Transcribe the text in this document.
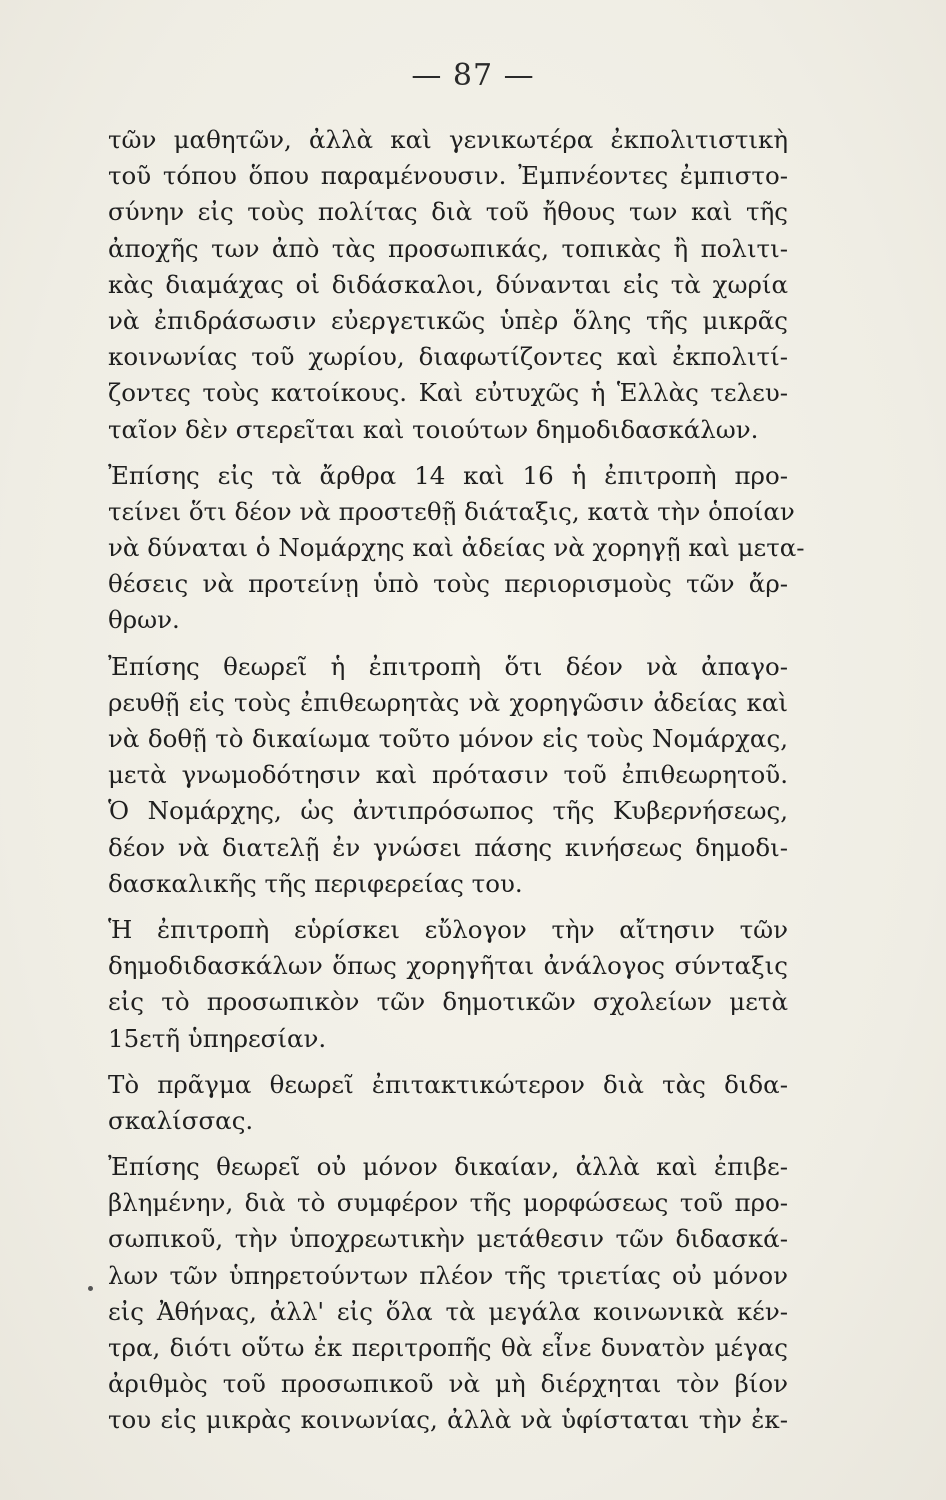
— 87 —
τῶν μαθητῶν, ἀλλὰ καὶ γενικωτέρα ἐκπολιτιστικὴ
τοῦ τόπου ὅπου παραμένουσιν. Ἐμπνέοντες ἐμπιστο-
σύνην εἰς τοὺς πολίτας διὰ τοῦ ἤθους των καὶ τῆς
ἀποχῆς των ἀπὸ τὰς προσωπικάς, τοπικὰς ἢ πολιτι-
κὰς διαμάχας οἱ διδάσκαλοι, δύνανται εἰς τὰ χωρία
νὰ ἐπιδράσωσιν εὐεργετικῶς ὑπὲρ ὅλης τῆς μικρᾶς
κοινωνίας τοῦ χωρίου, διαφωτίζοντες καὶ ἐκπολιτί-
ζοντες τοὺς κατοίκους. Καὶ εὐτυχῶς ἡ Ἑλλὰς τελευ-
ταῖον δὲν στερεῖται καὶ τοιούτων δημοδιδασκάλων.
Ἐπίσης εἰς τὰ ἄρθρα 14 καὶ 16 ἡ ἐπιτροπὴ προ-
τείνει ὅτι δέον νὰ προστεθῇ διάταξις, κατὰ τὴν ὁποίαν
νὰ δύναται ὁ Νομάρχης καὶ ἀδείας νὰ χορηγῇ καὶ μετα-
θέσεις νὰ προτείνῃ ὑπὸ τοὺς περιορισμοὺς τῶν ἄρ-
θρων.
Ἐπίσης θεωρεῖ ἡ ἐπιτροπὴ ὅτι δέον νὰ ἀπαγο-
ρευθῇ εἰς τοὺς ἐπιθεωρητὰς νὰ χορηγῶσιν ἀδείας καὶ
νὰ δοθῇ τὸ δικαίωμα τοῦτο μόνον εἰς τοὺς Νομάρχας,
μετὰ γνωμοδότησιν καὶ πρότασιν τοῦ ἐπιθεωρητοῦ.
Ὁ Νομάρχης, ὡς ἀντιπρόσωπος τῆς Κυβερνήσεως,
δέον νὰ διατελῇ ἐν γνώσει πάσης κινήσεως δημοδι-
δασκαλικῆς τῆς περιφερείας του.
Ἡ ἐπιτροπὴ εὑρίσκει εὔλογον τὴν αἴτησιν τῶν
δημοδιδασκάλων ὅπως χορηγῆται ἀνάλογος σύνταξις
εἰς τὸ προσωπικὸν τῶν δημοτικῶν σχολείων μετὰ
15ετῆ ὑπηρεσίαν.
Τὸ πρᾶγμα θεωρεῖ ἐπιτακτικώτερον διὰ τὰς διδα-
σκαλίσσας.
Ἐπίσης θεωρεῖ οὐ μόνον δικαίαν, ἀλλὰ καὶ ἐπιβε-
βλημένην, διὰ τὸ συμφέρον τῆς μορφώσεως τοῦ προ-
σωπικοῦ, τὴν ὑποχρεωτικὴν μετάθεσιν τῶν διδασκά-
λων τῶν ὑπηρετούντων πλέον τῆς τριετίας οὐ μόνον
εἰς Ἀθήνας, ἀλλ' εἰς ὅλα τὰ μεγάλα κοινωνικὰ κέν-
τρα, διότι οὕτω ἐκ περιτροπῆς θὰ εἶνε δυνατὸν μέγας
ἀριθμὸς τοῦ προσωπικοῦ νὰ μὴ διέρχηται τὸν βίον
του εἰς μικρὰς κοινωνίας, ἀλλὰ νὰ ὑφίσταται τὴν ἐκ-
